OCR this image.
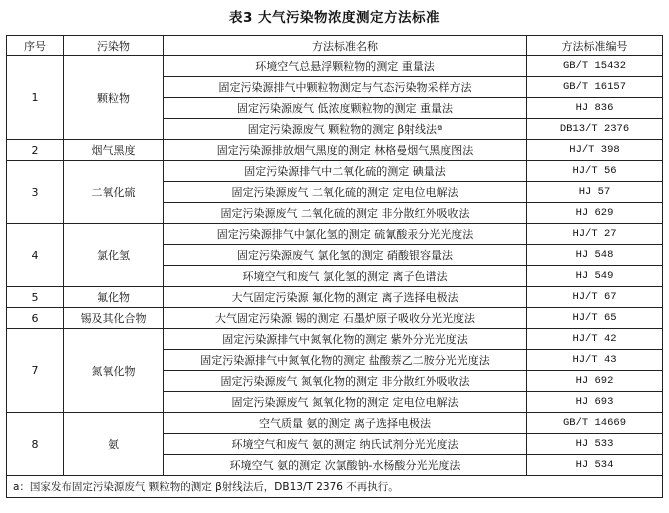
表3 大气污染物浓度测定方法标准
序号	污染物	方法标准名称	方法标准编号
1	颗粒物	环境空气总悬浮颗粒物的测定 重量法	GB/T 15432
		固定污染源排气中颗粒物测定与气态污染物采样方法	GB/T 16157
		固定污染源废气 低浓度颗粒物的测定 重量法	HJ 836
		固定污染源废气 颗粒物的测定 β射线法ª	DB13/T 2376
2	烟气黑度	固定污染源排放烟气黑度的测定 林格曼烟气黑度图法	HJ/T 398
3	二氧化硫	固定污染源排气中二氧化硫的测定 碘量法	HJ/T 56
		固定污染源废气 二氧化硫的测定 定电位电解法	HJ 57
		固定污染源废气 二氧化硫的测定 非分散红外吸收法	HJ 629
4	氯化氢	固定污染源排气中氯化氢的测定 硫氰酸汞分光光度法	HJ/T 27
		固定污染源废气 氯化氢的测定 硝酸银容量法	HJ 548
		环境空气和废气 氯化氢的测定 离子色谱法	HJ 549
5	氟化物	大气固定污染源 氟化物的测定 离子选择电极法	HJ/T 67
6	锡及其化合物	大气固定污染源 锡的测定 石墨炉原子吸收分光光度法	HJ/T 65
7	氮氧化物	固定污染源排气中氮氧化物的测定 紫外分光光度法	HJ/T 42
		固定污染源排气中氮氧化物的测定 盐酸萘乙二胺分光光度法	HJ/T 43
		固定污染源废气 氮氧化物的测定 非分散红外吸收法	HJ 692
		固定污染源废气 氮氧化物的测定 定电位电解法	HJ 693
8	氨	空气质量 氨的测定 离子选择电极法	GB/T 14669
		环境空气和废气 氨的测定 纳氏试剂分光光度法	HJ 533
		环境空气 氨的测定 次氯酸钠-水杨酸分光光度法	HJ 534
a：国家发布固定污染源废气 颗粒物的测定 β射线法后，DB13/T 2376 不再执行。			
